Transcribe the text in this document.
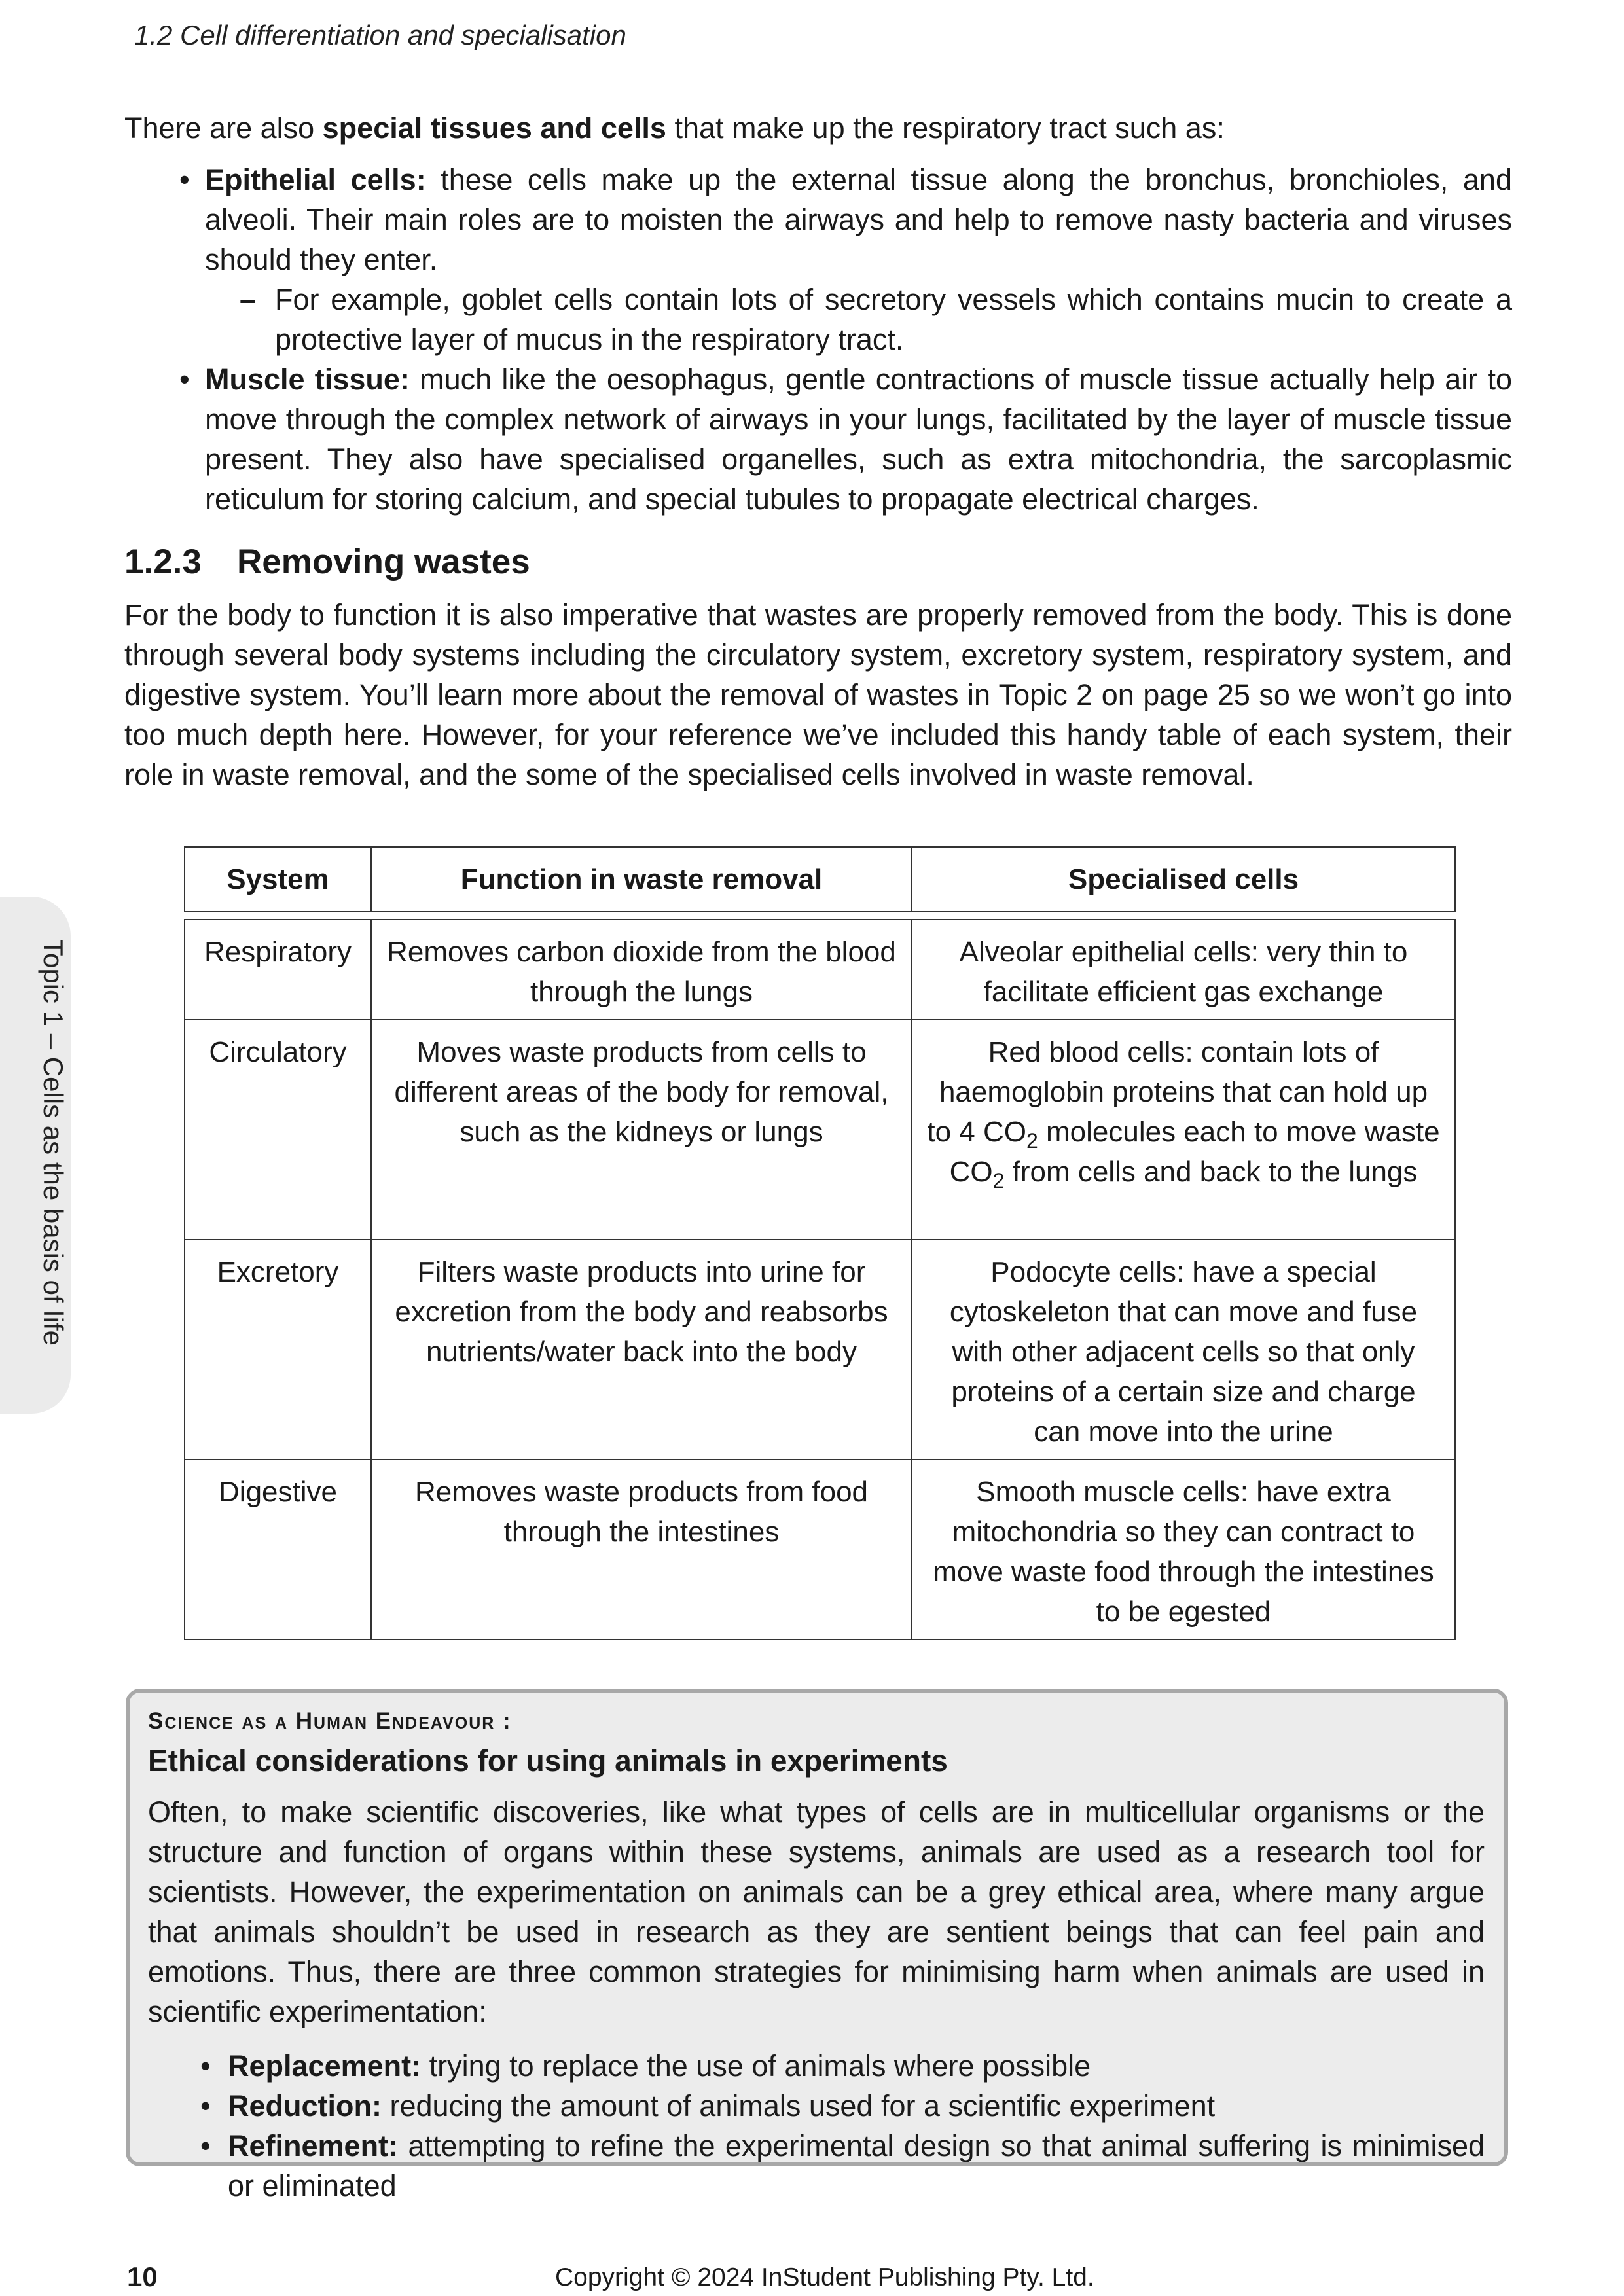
1.2 Cell differentiation and specialisation
Topic 1 – Cells as the basis of life

There are also special tissues and cells that make up the respiratory tract such as:

• Epithelial cells: these cells make up the external tissue along the bronchus, bronchioles, and alveoli. Their main roles are to moisten the airways and help to remove nasty bacteria and viruses should they enter.
– For example, goblet cells contain lots of secretory vessels which contains mucin to create a protective layer of mucus in the respiratory tract.
• Muscle tissue: much like the oesophagus, gentle contractions of muscle tissue actually help air to move through the complex network of airways in your lungs, facilitated by the layer of muscle tissue present. They also have specialised organelles, such as extra mitochondria, the sarcoplasmic reticulum for storing calcium, and special tubules to propagate electrical charges.
1.2.3 Removing wastes

For the body to function it is also imperative that wastes are properly removed from the body. This is done through several body systems including the circulatory system, excretory system, respiratory system, and digestive system. You’ll learn more about the removal of wastes in Topic 2 on page 25 so we won’t go into too much depth here. However, for your reference we’ve included this handy table of each system, their role in waste removal, and the some of the specialised cells involved in waste removal.

System	Function in waste removal	Specialised cells

Respiratory	Removes carbon dioxide from the blood through the lungs	Alveolar epithelial cells: very thin to facilitate efficient gas exchange
Circulatory	Moves waste products from cells to different areas of the body for removal, such as the kidneys or lungs	Red blood cells: contain lots of haemoglobin proteins that can hold up to 4 $CO_2$ molecules each to move waste $CO_2$ from cells and back to the lungs
Excretory	Filters waste products into urine for excretion from the body and reabsorbs nutrients/water back into the body	Podocyte cells: have a special cytoskeleton that can move and fuse with other adjacent cells so that only proteins of a certain size and charge can move into the urine
Digestive	Removes waste products from food through the intestines	Smooth muscle cells: have extra mitochondria so they can contract to move waste food through the intestines to be egested
Science as a Human Endeavour :
Ethical considerations for using animals in experiments

Often, to make scientific discoveries, like what types of cells are in multicellular organisms or the structure and function of organs within these systems, animals are used as a research tool for scientists. However, the experimentation on animals can be a grey ethical area, where many argue that animals shouldn’t be used in research as they are sentient beings that can feel pain and emotions. Thus, there are three common strategies for minimising harm when animals are used in scientific experimentation:

• Replacement: trying to replace the use of animals where possible
• Reduction: reducing the amount of animals used for a scientific experiment
• Refinement: attempting to refine the experimental design so that animal suffering is minimised or eliminated
10	Copyright © 2024 InStudent Publishing Pty. Ltd.
